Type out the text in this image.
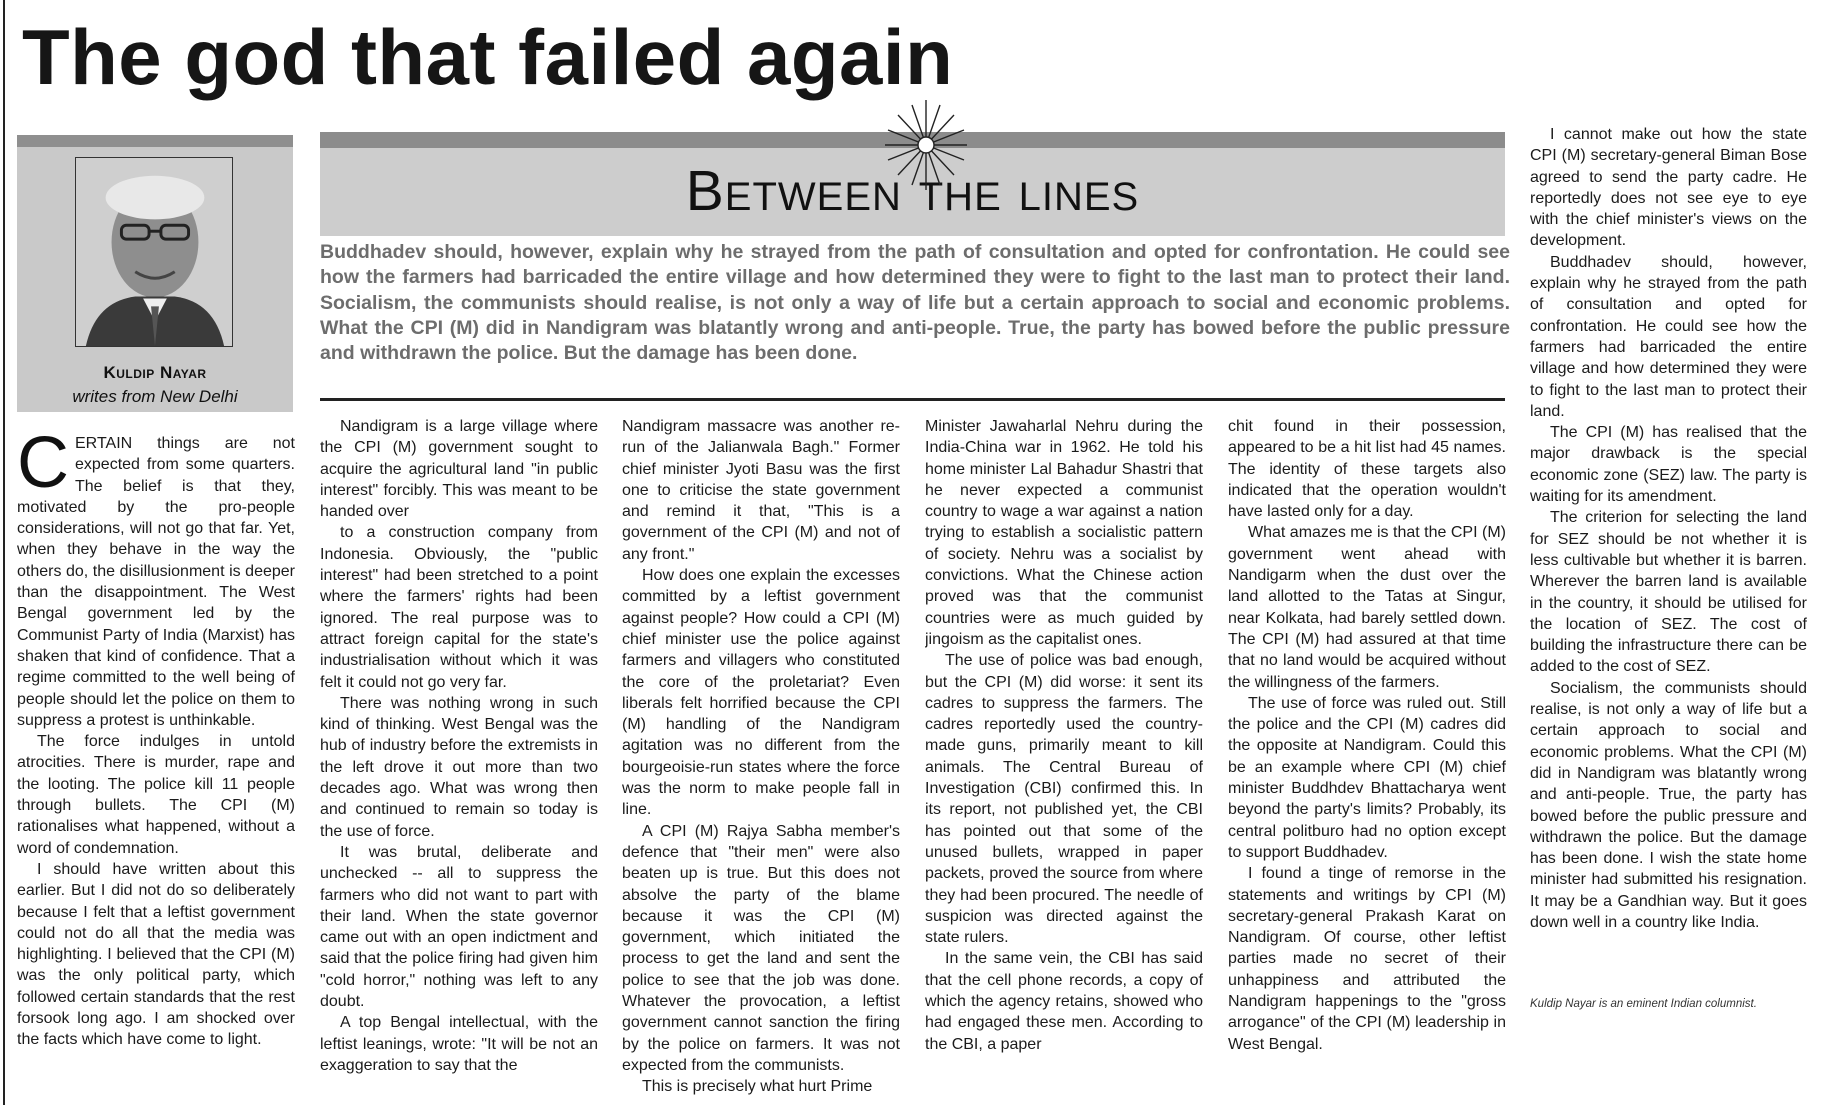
The god that failed again
Kuldip Nayar
writes from New Delhi
Between the lines
Buddhadev should, however, explain why he strayed from the path of consultation and opted for confrontation. He could see how the farmers had barricaded the entire village and how determined they were to fight to the last man to protect their land. Socialism, the communists should realise, is not only a way of life but a certain approach to social and economic problems. What the CPI (M) did in Nandigram was blatantly wrong and anti-people. True, the party has bowed before the public pressure and withdrawn the police. But the damage has been done.

CERTAIN things are not expected from some quarters. The belief is that they, motivated by the pro-people considerations, will not go that far. Yet, when they behave in the way the others do, the disillusionment is deeper than the disappointment. The West Bengal government led by the Communist Party of India (Marxist) has shaken that kind of confidence. That a regime committed to the well being of people should let the police on them to suppress a protest is unthinkable.

The force indulges in untold atrocities. There is murder, rape and the looting. The police kill 11 people through bullets. The CPI (M) rationalises what happened, without a word of condemnation.

I should have written about this earlier. But I did not do so deliberately because I felt that a leftist government could not do all that the media was highlighting. I believed that the CPI (M) was the only political party, which followed certain standards that the rest forsook long ago. I am shocked over the facts which have come to light.

Nandigram is a large village where the CPI (M) government sought to acquire the agricultural land "in public interest" forcibly. This was meant to be handed over

to a construction company from Indonesia. Obviously, the "public interest" had been stretched to a point where the farmers' rights had been ignored. The real purpose was to attract foreign capital for the state's industrialisation without which it was felt it could not go very far.

There was nothing wrong in such kind of thinking. West Bengal was the hub of industry before the extremists in the left drove it out more than two decades ago. What was wrong then and continued to remain so today is the use of force.

It was brutal, deliberate and unchecked -- all to suppress the farmers who did not want to part with their land. When the state governor came out with an open indictment and said that the police firing had given him "cold horror," nothing was left to any doubt.

A top Bengal intellectual, with the leftist leanings, wrote: "It will be not an exaggeration to say that the

Nandigram massacre was another re-run of the Jalianwala Bagh." Former chief minister Jyoti Basu was the first one to criticise the state government and remind it that, "This is a government of the CPI (M) and not of any front."

How does one explain the excesses committed by a leftist government against people? How could a CPI (M) chief minister use the police against farmers and villagers who constituted the core of the proletariat? Even liberals felt horrified because the CPI (M) handling of the Nandigram agitation was no different from the bourgeoisie-run states where the force was the norm to make people fall in line.

A CPI (M) Rajya Sabha member's defence that "their men" were also beaten up is true. But this does not absolve the party of the blame because it was the CPI (M) government, which initiated the process to get the land and sent the police to see that the job was done. Whatever the provocation, a leftist government cannot sanction the firing by the police on farmers. It was not expected from the communists.

This is precisely what hurt Prime

Minister Jawaharlal Nehru during the India-China war in 1962. He told his home minister Lal Bahadur Shastri that he never expected a communist country to wage a war against a nation trying to establish a socialistic pattern of society. Nehru was a socialist by convictions. What the Chinese action proved was that the communist countries were as much guided by jingoism as the capitalist ones.

The use of police was bad enough, but the CPI (M) did worse: it sent its cadres to suppress the farmers. The cadres reportedly used the country-made guns, primarily meant to kill animals. The Central Bureau of Investigation (CBI) confirmed this. In its report, not published yet, the CBI has pointed out that some of the unused bullets, wrapped in paper packets, proved the source from where they had been procured. The needle of suspicion was directed against the state rulers.

In the same vein, the CBI has said that the cell phone records, a copy of which the agency retains, showed who had engaged these men. According to the CBI, a paper

chit found in their possession, appeared to be a hit list had 45 names. The identity of these targets also indicated that the operation wouldn't have lasted only for a day.

What amazes me is that the CPI (M) government went ahead with Nandigarm when the dust over the land allotted to the Tatas at Singur, near Kolkata, had barely settled down. The CPI (M) had assured at that time that no land would be acquired without the willingness of the farmers.

The use of force was ruled out. Still the police and the CPI (M) cadres did the opposite at Nandigram. Could this be an example where CPI (M) chief minister Buddhdev Bhattacharya went beyond the party's limits? Probably, its central politburo had no option except to support Buddhadev.

I found a tinge of remorse in the statements and writings by CPI (M) secretary-general Prakash Karat on Nandigram. Of course, other leftist parties made no secret of their unhappiness and attributed the Nandigram happenings to the "gross arrogance" of the CPI (M) leadership in West Bengal.

I cannot make out how the state CPI (M) secretary-general Biman Bose agreed to send the party cadre. He reportedly does not see eye to eye with the chief minister's views on the development.

Buddhadev should, however, explain why he strayed from the path of consultation and opted for confrontation. He could see how the farmers had barricaded the entire village and how determined they were to fight to the last man to protect their land.

The CPI (M) has realised that the major drawback is the special economic zone (SEZ) law. The party is waiting for its amendment.

The criterion for selecting the land for SEZ should be not whether it is less cultivable but whether it is barren. Wherever the barren land is available in the country, it should be utilised for the location of SEZ. The cost of building the infrastructure there can be added to the cost of SEZ.

Socialism, the communists should realise, is not only a way of life but a certain approach to social and economic problems. What the CPI (M) did in Nandigram was blatantly wrong and anti-people. True, the party has bowed before the public pressure and withdrawn the police. But the damage has been done. I wish the state home minister had submitted his resignation. It may be a Gandhian way. But it goes down well in a country like India.

Kuldip Nayar is an eminent Indian columnist.
